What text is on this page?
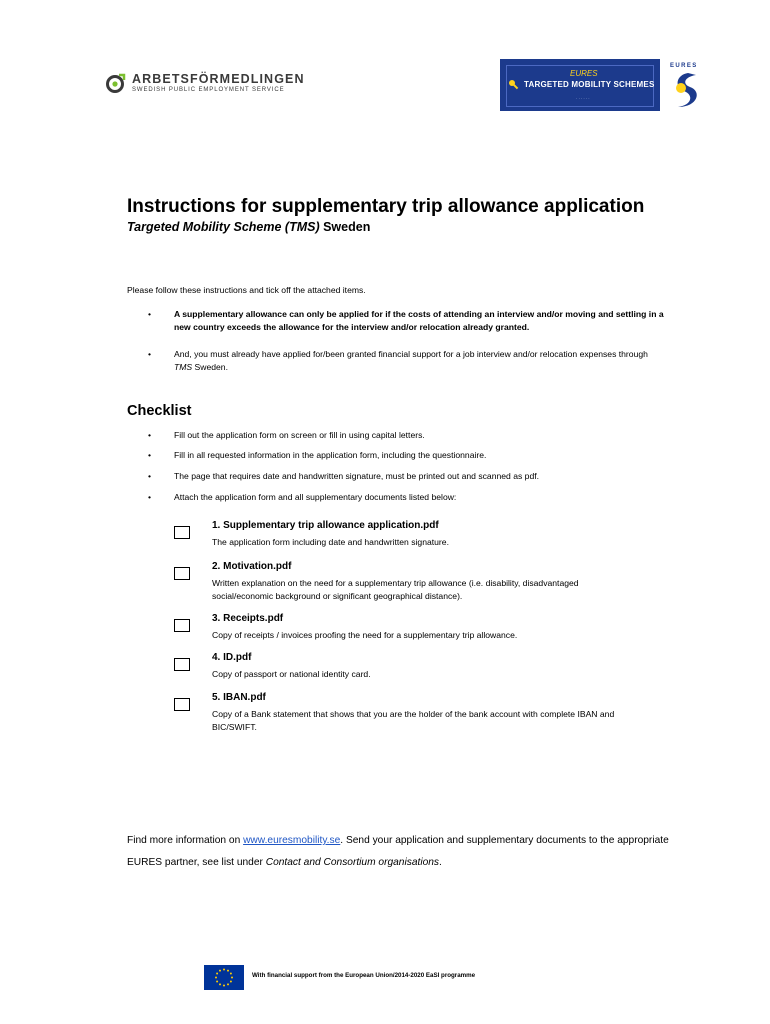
ARBETSFÖRMEDLINGEN
SWEDISH PUBLIC EMPLOYMENT SERVICE
EURES
TARGETED MOBILITY SCHEMES
· · · · · ·
EURES
Instructions for supplementary trip allowance application
Targeted Mobility Scheme (TMS) Sweden
Please follow these instructions and tick off the attached items.
•	A supplementary allowance can only be applied for if the costs of attending an interview and/or moving and settling in a new country exceeds the allowance for the interview and/or relocation already granted.
•	And, you must already have applied for/been granted financial support for a job interview and/or relocation expenses through TMS Sweden.
Checklist
•	Fill out the application form on screen or fill in using capital letters.
•	Fill in all requested information in the application form, including the questionnaire.
•	The page that requires date and handwritten signature, must be printed out and scanned as pdf.
•	Attach the application form and all supplementary documents listed below:
1. Supplementary trip allowance application.pdf
The application form including date and handwritten signature.
2. Motivation.pdf
Written explanation on the need for a supplementary trip allowance (i.e. disability, disadvantaged social/economic background or significant geographical distance).
3. Receipts.pdf
Copy of receipts / invoices proofing the need for a supplementary trip allowance.
4. ID.pdf
Copy of passport or national identity card.
5. IBAN.pdf
Copy of a Bank statement that shows that you are the holder of the bank account with complete IBAN and BIC/SWIFT.
Find more information on www.euresmobility.se. Send your application and supplementary documents to the appropriate EURES partner, see list under Contact and Consortium organisations.
With financial support from the European Union/2014-2020 EaSI programme
